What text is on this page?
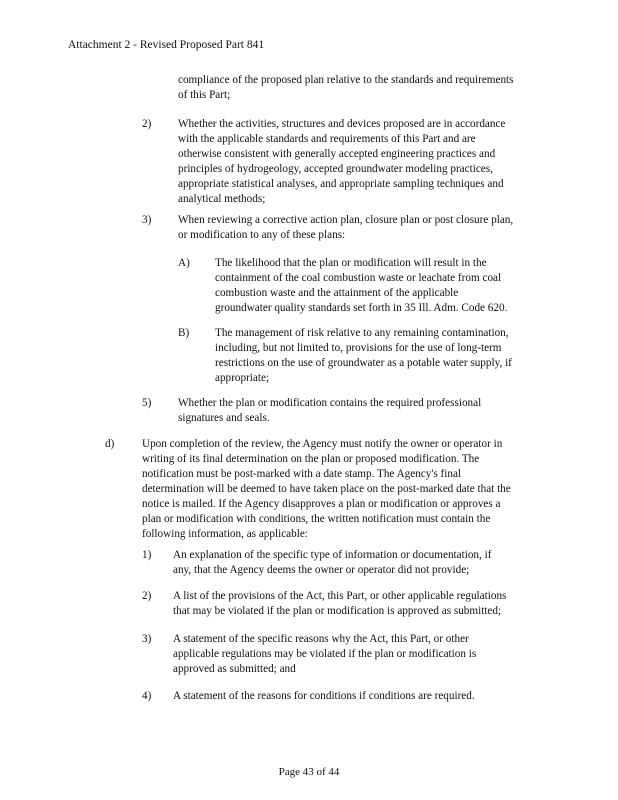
Attachment 2 - Revised Proposed Part 841

compliance of the proposed plan relative to the standards and requirements
of this Part;

2)	Whether the activities, structures and devices proposed are in accordance
with the applicable standards and requirements of this Part and are
otherwise consistent with generally accepted engineering practices and
principles of hydrogeology, accepted groundwater modeling practices,
appropriate statistical analyses, and appropriate sampling techniques and
analytical methods;

3)	When reviewing a corrective action plan, closure plan or post closure plan,
or modification to any of these plans:

A)	The likelihood that the plan or modification will result in the
containment of the coal combustion waste or leachate from coal
combustion waste and the attainment of the applicable
groundwater quality standards set forth in 35 Ill. Adm. Code 620.

B)	The management of risk relative to any remaining contamination,
including, but not limited to, provisions for the use of long-term
restrictions on the use of groundwater as a potable water supply, if
appropriate;

5)	Whether the plan or modification contains the required professional
signatures and seals.

d)	Upon completion of the review, the Agency must notify the owner or operator in
writing of its final determination on the plan or proposed modification. The
notification must be post-marked with a date stamp. The Agency's final
determination will be deemed to have taken place on the post-marked date that the
notice is mailed. If the Agency disapproves a plan or modification or approves a
plan or modification with conditions, the written notification must contain the
following information, as applicable:

1)	An explanation of the specific type of information or documentation, if
any, that the Agency deems the owner or operator did not provide;

2)	A list of the provisions of the Act, this Part, or other applicable regulations
that may be violated if the plan or modification is approved as submitted;

3)	A statement of the specific reasons why the Act, this Part, or other
applicable regulations may be violated if the plan or modification is
approved as submitted; and

4)	A statement of the reasons for conditions if conditions are required.

Page 43 of 44
